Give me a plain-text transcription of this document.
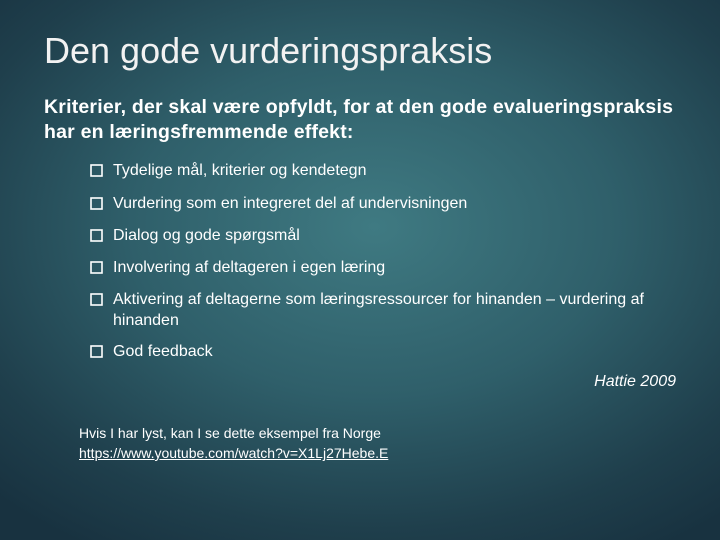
Den gode vurderingspraksis
Kriterier, der skal være opfyldt, for at den gode evalueringspraksis har en læringsfremmende effekt:
Tydelige mål, kriterier og kendetegn
Vurdering som en integreret del af undervisningen
Dialog og gode spørgsmål
Involvering af deltageren i egen læring
Aktivering af deltagerne som læringsressourcer for hinanden – vurdering af hinanden
God feedback
Hattie 2009
Hvis I har lyst, kan I se dette eksempel fra Norge
https://www.youtube.com/watch?v=X1Lj27Hebe.E
